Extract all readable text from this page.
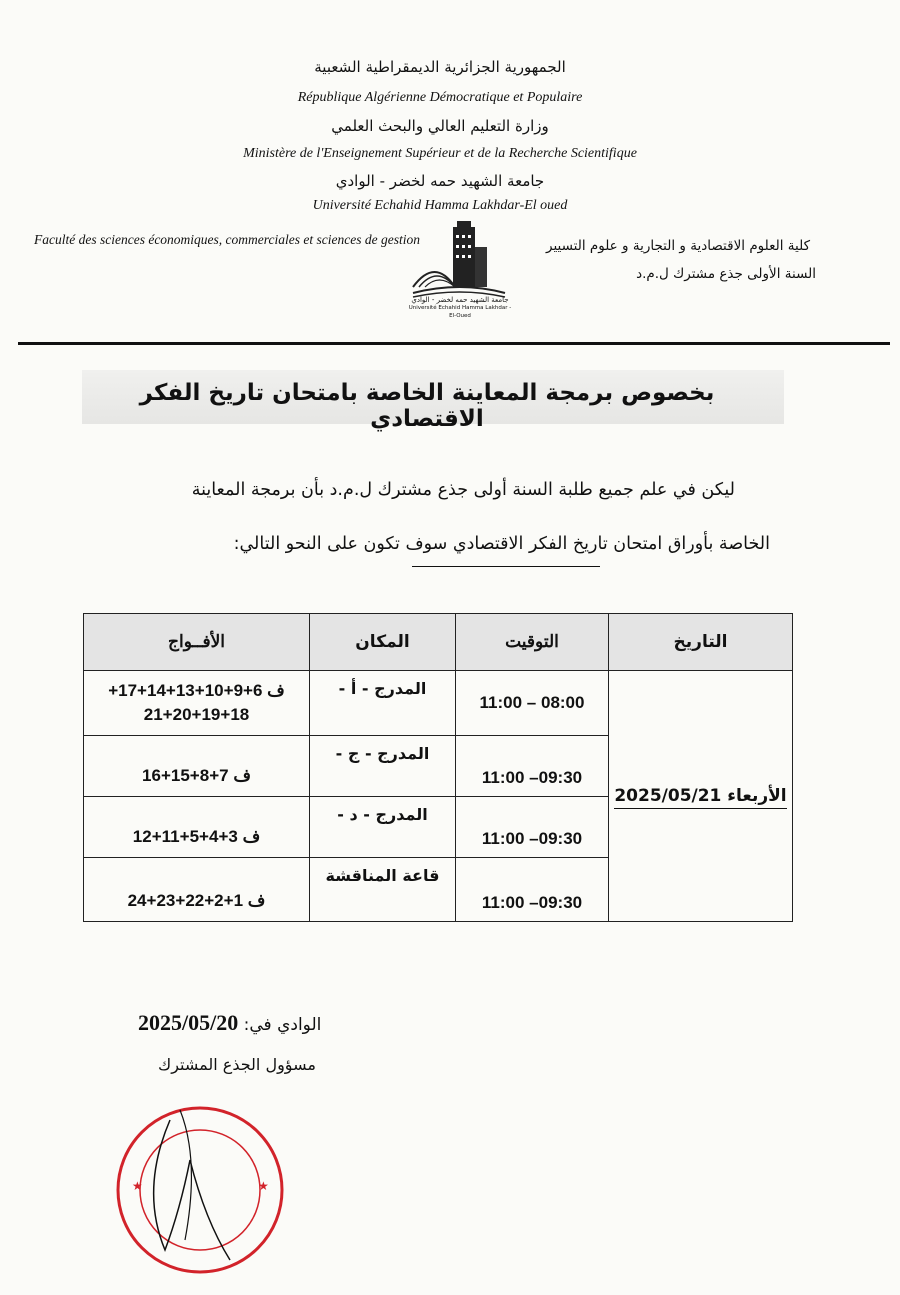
الجمهورية الجزائرية الديمقراطية الشعبية
République Algérienne Démocratique et Populaire
وزارة التعليم العالي والبحث العلمي
Ministère de l'Enseignement Supérieur et de la Recherche Scientifique
جامعة الشهيد حمه لخضر - الوادي
Université Echahid Hamma Lakhdar-El oued
Faculté des sciences économiques, commerciales et sciences de gestion	كلية العلوم الاقتصادية و التجارية و علوم التسيير
السنة الأولى جذع مشترك ل.م.د
جامعة الشهيد حمه لخضر - الوادي
Université Echahid Hamma Lakhdar - El-Oued
بخصوص برمجة المعاينة الخاصة بامتحان تاريخ الفكر الاقتصادي
ليكن في علم جميع طلبة السنة أولى جذع مشترك ل.م.د بأن برمجة المعاينة
الخاصة بأوراق امتحان تاريخ الفكر الاقتصادي سوف تكون على النحو التالي:
التاريخ	التوقيت	المكان	الأفــواج
الأربعاء 2025/05/21	08:00 – 11:00	المدرج - أ -	ف 6+9+10+13+14+17+ 18+19+20+21
	09:30– 11:00	المدرج - ج -	ف 7+8+15+16
	09:30– 11:00	المدرج - د -	ف 3+4+5+11+12
	09:30– 11:00	قاعة المناقشة	ف 1+2+22+23+24
الوادي في: 2025/05/20
مسؤول الجذع المشترك
★	★
